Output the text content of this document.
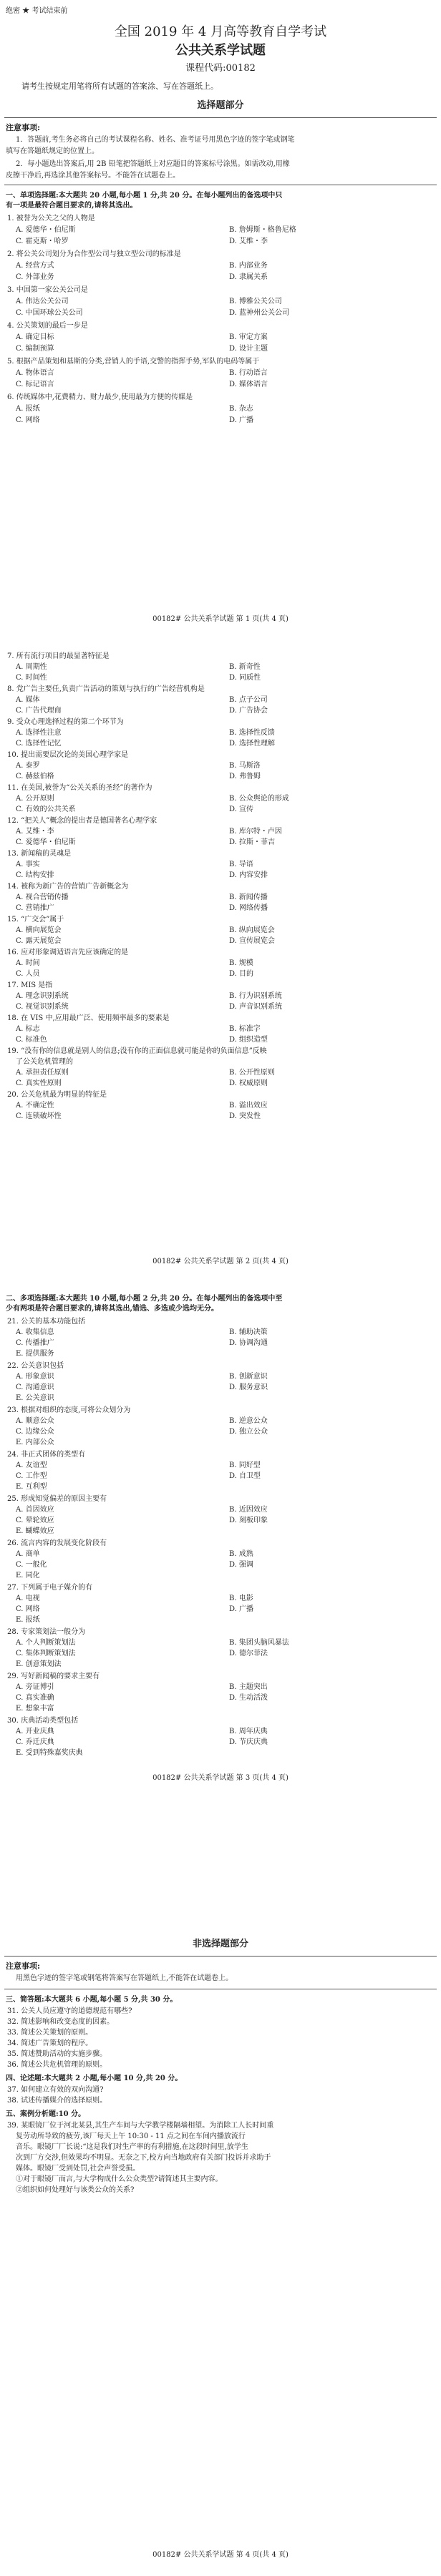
绝密 ★ 考试结束前
全国 2019 年 4 月高等教育自学考试
公共关系学试题
课程代码:00182
请考生按规定用笔将所有试题的答案涂、写在答题纸上。
选择题部分
注意事项:
1．答题前,考生务必将自己的考试课程名称、姓名、准考证号用黑色字迹的签字笔或钢笔
填写在答题纸规定的位置上。
2．每小题选出答案后,用 2B 铅笔把答题纸上对应题目的答案标号涂黑。如需改动,用橡
皮擦干净后,再选涂其他答案标号。不能答在试题卷上。
一、单项选择题:本大题共 20 小题,每小题 1 分,共 20 分。在每小题列出的备选项中只
有一项是最符合题目要求的,请将其选出。
1. 被誉为公关之父的人物是
A. 爱德华・伯尼斯	B. 詹姆斯・格鲁尼格
C. 霍克斯・哈罗	D. 艾维・李
2. 将公关公司划分为合作型公司与独立型公司的标准是
A. 经营方式	B. 内部业务
C. 外部业务	D. 隶属关系
3. 中国第一家公关公司是
A. 伟达公关公司	B. 博雅公关公司
C. 中国环球公关公司	D. 蓝神州公关公司
4. 公关策划的最后一步是
A. 确定目标	B. 审定方案
C. 编制预算	D. 设计主题
5. 根据产品策划和基斯的分类,营销人的手语,交警的指挥手势,军队的电码等属于
A. 物体语言	B. 行动语言
C. 标记语言	D. 媒体语言
6. 传统媒体中,花费精力、财力最少,使用最为方便的传媒是
A. 报纸	B. 杂志
C. 网络	D. 广播
00182# 公共关系学试题 第 1 页(共 4 页)
7. 所有流行项目的最显著特征是
A. 周期性	B. 新奇性
C. 时间性	D. 同质性
8. 党广告主要任,负责广告活动的策划与执行的广告经营机构是
A. 媒体	B. 点子公司
C. 广告代理商	D. 广告协会
9. 受众心理选择过程的第二个环节为
A. 选择性注意	B. 选择性反馈
C. 选择性记忆	D. 选择性理解
10. 提出需要层次论的美国心理学家是
A. 泰罗	B. 马斯洛
C. 赫兹伯格	D. 弗鲁姆
11. 在美国,被誉为“公关关系的圣经”的著作为
A. 公开原则	B. 公众舆论的形成
C. 有效的公共关系	D. 宣传
12. “把关人”概念的提出者是德国著名心理学家
A. 艾维・李	B. 库尔特・卢因
C. 爱德华・伯尼斯	D. 拉斯・菲吉
13. 新闻稿的灵魂是
A. 事实	B. 导语
C. 结构安排	D. 内容安排
14. 被称为新广告的营销广告新概念为
A. 视合营销传播	B. 新闻传播
C. 营销推广	D. 网络传播
15. “广交会”属于
A. 横向展览会	B. 纵向展览会
C. 露天展览会	D. 宣传展览会
16. 应对形象调适语言先应该确定的是
A. 时间	B. 规模
C. 人员	D. 目的
17. MIS 是指
A. 理念识别系统	B. 行为识别系统
C. 视觉识别系统	D. 声音识别系统
18. 在 VIS 中,应用最广泛、使用频率最多的要素是
A. 标志	B. 标准字
C. 标准色	D. 组织造型
19. “没有你的信息就是别人的信息;没有你的正面信息就可能是你的负面信息”反映
了公关危机管理的
A. 承担责任原则	B. 公开性原则
C. 真实性原则	D. 权威原则
20. 公关危机最为明显的特征是
A. 不确定性	B. 溢出效应
C. 连锁破坏性	D. 突发性
00182# 公共关系学试题 第 2 页(共 4 页)
二、多项选择题:本大题共 10 小题,每小题 2 分,共 20 分。在每小题列出的备选项中至
少有两项是符合题目要求的,请将其选出,错选、多选或少选均无分。
21. 公关的基本功能包括
A. 收集信息	B. 辅助决策
C. 传播推广	D. 协调沟通
E. 提供服务
22. 公关意识包括
A. 形象意识	B. 创新意识
C. 沟通意识	D. 服务意识
E. 公关意识
23. 根据对组织的态度,可将公众划分为
A. 顺意公众	B. 逆意公众
C. 边缘公众	D. 独立公众
E. 内部公众
24. 非正式团体的类型有
A. 友谊型	B. 同好型
C. 工作型	D. 自卫型
E. 互利型
25. 形成知觉偏差的原因主要有
A. 首因效应	B. 近因效应
C. 晕轮效应	D. 刻板印象
E. 蝴蝶效应
26. 流言内容的发展变化阶段有
A. 商单	B. 成熟
C. 一般化	D. 强调
E. 同化
27. 下列属于电子媒介的有
A. 电视	B. 电影
C. 网络	D. 广播
E. 报纸
28. 专家策划法一般分为
A. 个人判断策划法	B. 集团头脑风暴法
C. 集体判断策划法	D. 德尔菲法
E. 创意策划法
29. 写好新闻稿的要求主要有
A. 旁证博引	B. 主题突出
C. 真实准确	D. 生动活泼
E. 想象丰富
30. 庆典活动类型包括
A. 开业庆典	B. 周年庆典
C. 乔迁庆典	D. 节庆庆典
E. 受到特殊嘉奖庆典
00182# 公共关系学试题 第 3 页(共 4 页)
非选择题部分
注意事项:
用黑色字迹的签字笔或钢笔将答案写在答题纸上,不能答在试题卷上。
三、简答题:本大题共 6 小题,每小题 5 分,共 30 分。
31. 公关人员应遵守的道德规范有哪些?
32. 简述影响和改变态度的因素。
33. 简述公关策划的原则。
34. 简述广告策划的程序。
35. 简述赞助活动的实施步骤。
36. 简述公共危机管理的原则。
四、论述题:本大题共 2 小题,每小题 10 分,共 20 分。
37. 如何建立有效的双向沟通?
38. 试述传播媒介的选择原则。
五、案例分析题:10 分。
39. 某眼镜厂位于河北某县,其生产车间与大学教学楼隔墙相望。为消除工人长时间重
复劳动所导致的疲劳,该厂每天上午 10:30 - 11 点之间在车间内播放流行
音乐。眼镜厂厂长说:“这是我们对生产率的有利措施,在这段时间里,放学生
次到厂方交涉,但效果均不明显。无奈之下,校方向当地政府有关部门投诉并求助于
媒体。眼镜厂受到处罚,社会声誉受损。
①对于眼镜厂而言,与大学构成什么公众类型?请简述其主要内容。
②组织如何处理好与该类公众的关系?
00182# 公共关系学试题 第 4 页(共 4 页)
